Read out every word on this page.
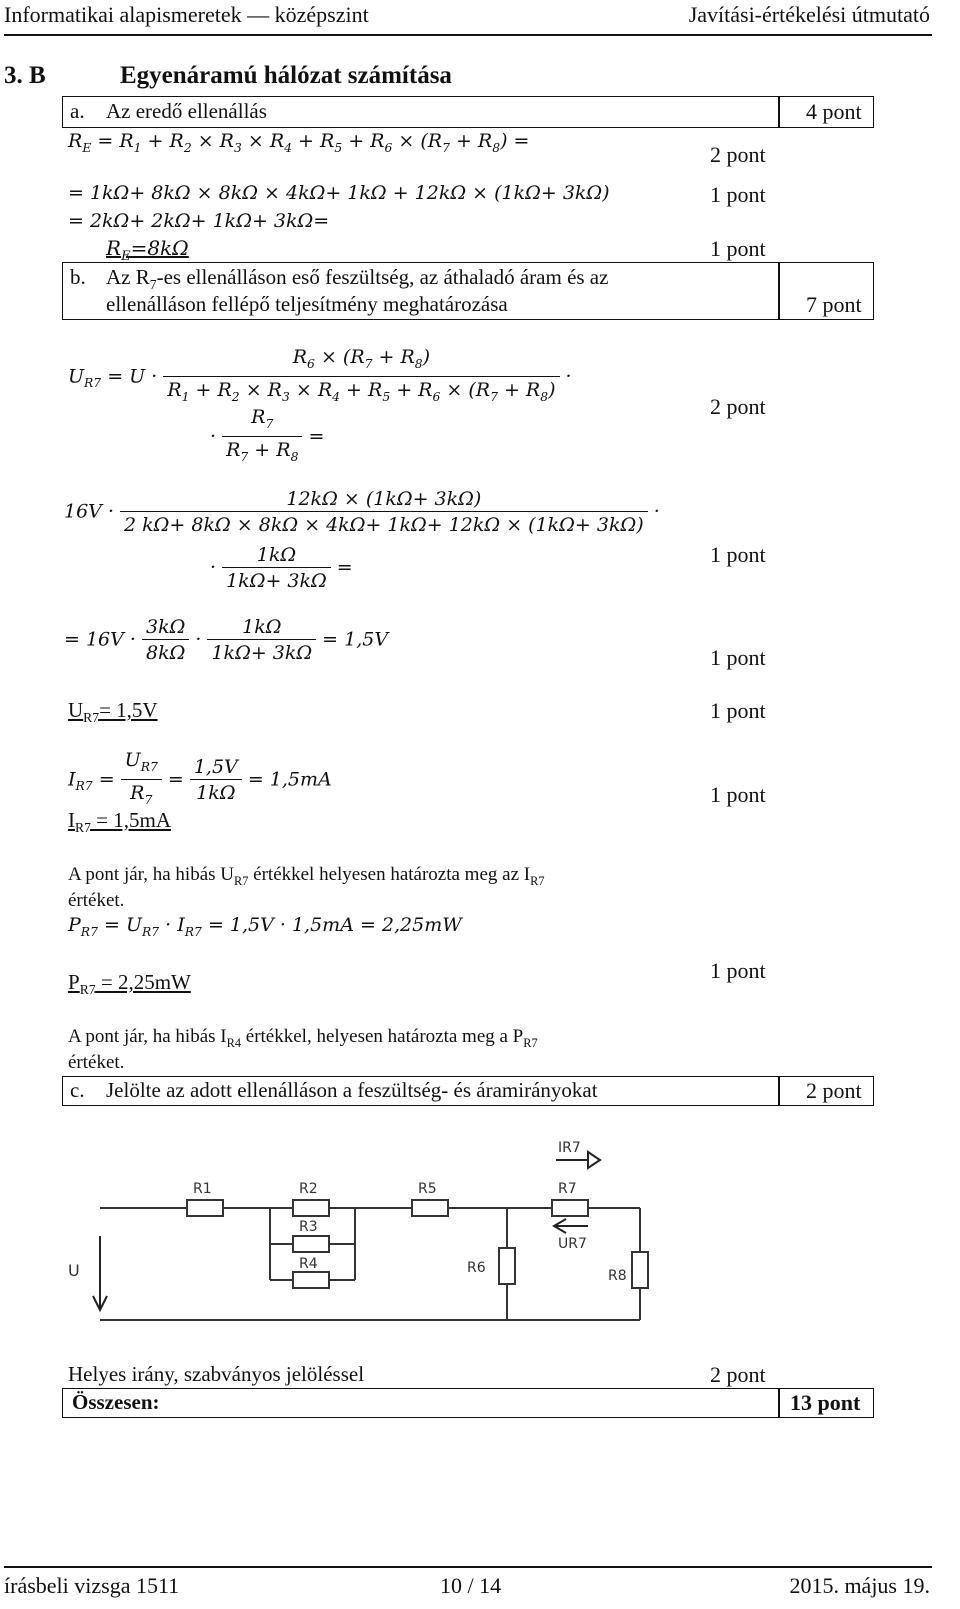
Informatikai alapismeretek — középszint	Javítási-értékelési útmutató
3. B	Egyenáramú hálózat számítása
a. Az eredő ellenállás	4 pont
$R_E = R_1 + R_2 \times R_3 \times R_4 + R_5 + R_6 \times (R_7 + R_8)$ =
2 pont
= 1kΩ+ 8kΩ × 8kΩ × 4kΩ+ 1kΩ + 12kΩ × (1kΩ+ 3kΩ)	1 pont
= 2kΩ+ 2kΩ+ 1kΩ+ 3kΩ=
$R_E=8k\Omega$	1 pont
b. Az $R_7-es$ ellenálláson eső feszültség, az áthaladó áram és az
ellenálláson fellépő teljesítmény meghatározása	7 pont
$U_{R7} = U \cdot \frac{R_6 \times (R_7 + R_8)}{R_1 + R_2 \times R_3 \times R_4 + R_5 + R_6 \times (R_7 + R_8)}$ ·
· $\frac{R_7}{R_7 + R_8}$ =
2 pont
$16V \cdot \frac{12k\Omega \times (1k\Omega+ 3k\Omega)}{2 k\Omega+ 8k\Omega \times 8k\Omega \times 4k\Omega+ 1k\Omega+ 12k\Omega \times (1k\Omega+ 3k\Omega)}$ ·
· $\frac{1k\Omega}{1k\Omega+ 3k\Omega}$ =
1 pont
= $16V \cdot \frac{3k\Omega}{8k\Omega} \cdot \frac{1k\Omega}{1k\Omega+ 3k\Omega} = 1,5V$
1 pont
$U_{R7}= 1,5V$	1 pont
$I_{R7} = \frac{U_{R7}}{R_7} = \frac{1,5V}{1k\Omega} = 1,5mA$
1 pont
$I_{R7} = 1,5mA$
A pont jár, ha hibás $U_{R7}$ értékkel helyesen határozta meg az $I_{R7}$
értéket.
$P_{R7} = U_{R7} \cdot I_{R7} = 1,5V \cdot 1,5mA = 2,25mW$
1 pont
$P_{R7} = 2,25mW$
A pont jár, ha hibás $I_{R4}$ értékkel, helyesen határozta meg a $P_{R7}$
értéket.
c. Jelölte az adott ellenálláson a feszültség- és áramirányokat	2 pont
R1	R2	R5	R7
R3
R4	R6	R8
U
IR7
UR7
Helyes irány, szabványos jelöléssel	2 pont
Összesen:	13 pont
írásbeli vizsga 1511	10 / 14	2015. május 19.
